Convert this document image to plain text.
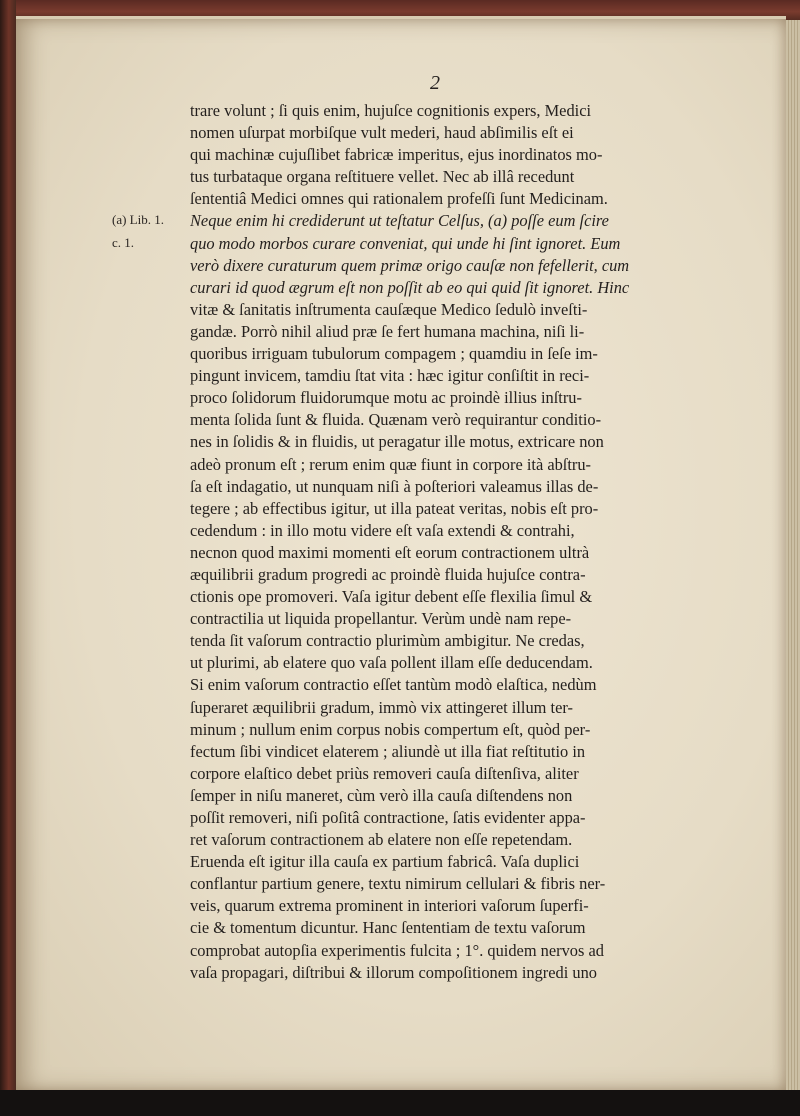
2
(a) Lib. 1.
c. 1.
trare volunt ; ſi quis enim, hujuſce cognitionis expers, Medici
nomen uſurpat morbiſque vult mederi, haud abſimilis eſt ei
qui machinæ cujuſlibet fabricæ imperitus, ejus inordinatos mo-
tus turbataque organa reſtituere vellet. Nec ab illâ recedunt
ſententiâ Medici omnes qui rationalem profeſſi ſunt Medicinam.
Neque enim hi crediderunt ut teſtatur Celſus, (a) poſſe eum ſcire
quo modo morbos curare conveniat, qui unde hi ſint ignoret. Eum
verò dixere curaturum quem primæ origo cauſæ non fefellerit, cum
curari id quod ægrum eſt non poſſit ab eo qui quid ſit ignoret. Hinc
vitæ & ſanitatis inſtrumenta cauſæque Medico ſedulò inveſti-
gandæ. Porrò nihil aliud præ ſe fert humana machina, niſi li-
quoribus irriguam tubulorum compagem ; quamdiu in ſeſe im-
pingunt invicem, tamdiu ſtat vita : hæc igitur conſiſtit in reci-
proco ſolidorum fluidorumque motu ac proindè illius inſtru-
menta ſolida ſunt & fluida. Quænam verò requirantur conditio-
nes in ſolidis & in fluidis, ut peragatur ille motus, extricare non
adeò pronum eſt ; rerum enim quæ fiunt in corpore ità abſtru-
ſa eſt indagatio, ut nunquam niſi à poſteriori valeamus illas de-
tegere ; ab effectibus igitur, ut illa pateat veritas, nobis eſt pro-
cedendum : in illo motu videre eſt vaſa extendi & contrahi,
necnon quod maximi momenti eſt eorum contractionem ultrà
æquilibrii gradum progredi ac proindè fluida hujuſce contra-
ctionis ope promoveri. Vaſa igitur debent eſſe flexilia ſimul &
contractilia ut liquida propellantur. Verùm undè nam repe-
tenda ſit vaſorum contractio plurimùm ambigitur. Ne credas,
ut plurimi, ab elatere quo vaſa pollent illam eſſe deducendam.
Si enim vaſorum contractio eſſet tantùm modò elaſtica, nedùm
ſuperaret æquilibrii gradum, immò vix attingeret illum ter-
minum ; nullum enim corpus nobis compertum eſt, quòd per-
fectum ſibi vindicet elaterem ; aliundè ut illa fiat reſtitutio in
corpore elaſtico debet priùs removeri cauſa diſtenſiva, aliter
ſemper in niſu maneret, cùm verò illa cauſa diſtendens non
poſſit removeri, niſi poſitâ contractione, ſatis evidenter appa-
ret vaſorum contractionem ab elatere non eſſe repetendam.
Eruenda eſt igitur illa cauſa ex partium fabricâ. Vaſa duplici
conflantur partium genere, textu nimirum cellulari & fibris ner-
veis, quarum extrema prominent in interiori vaſorum ſuperfi-
cie & tomentum dicuntur. Hanc ſententiam de textu vaſorum
comprobat autopſia experimentis fulcita ; 1°. quidem nervos ad
vaſa propagari, diſtribui & illorum compoſitionem ingredi uno
